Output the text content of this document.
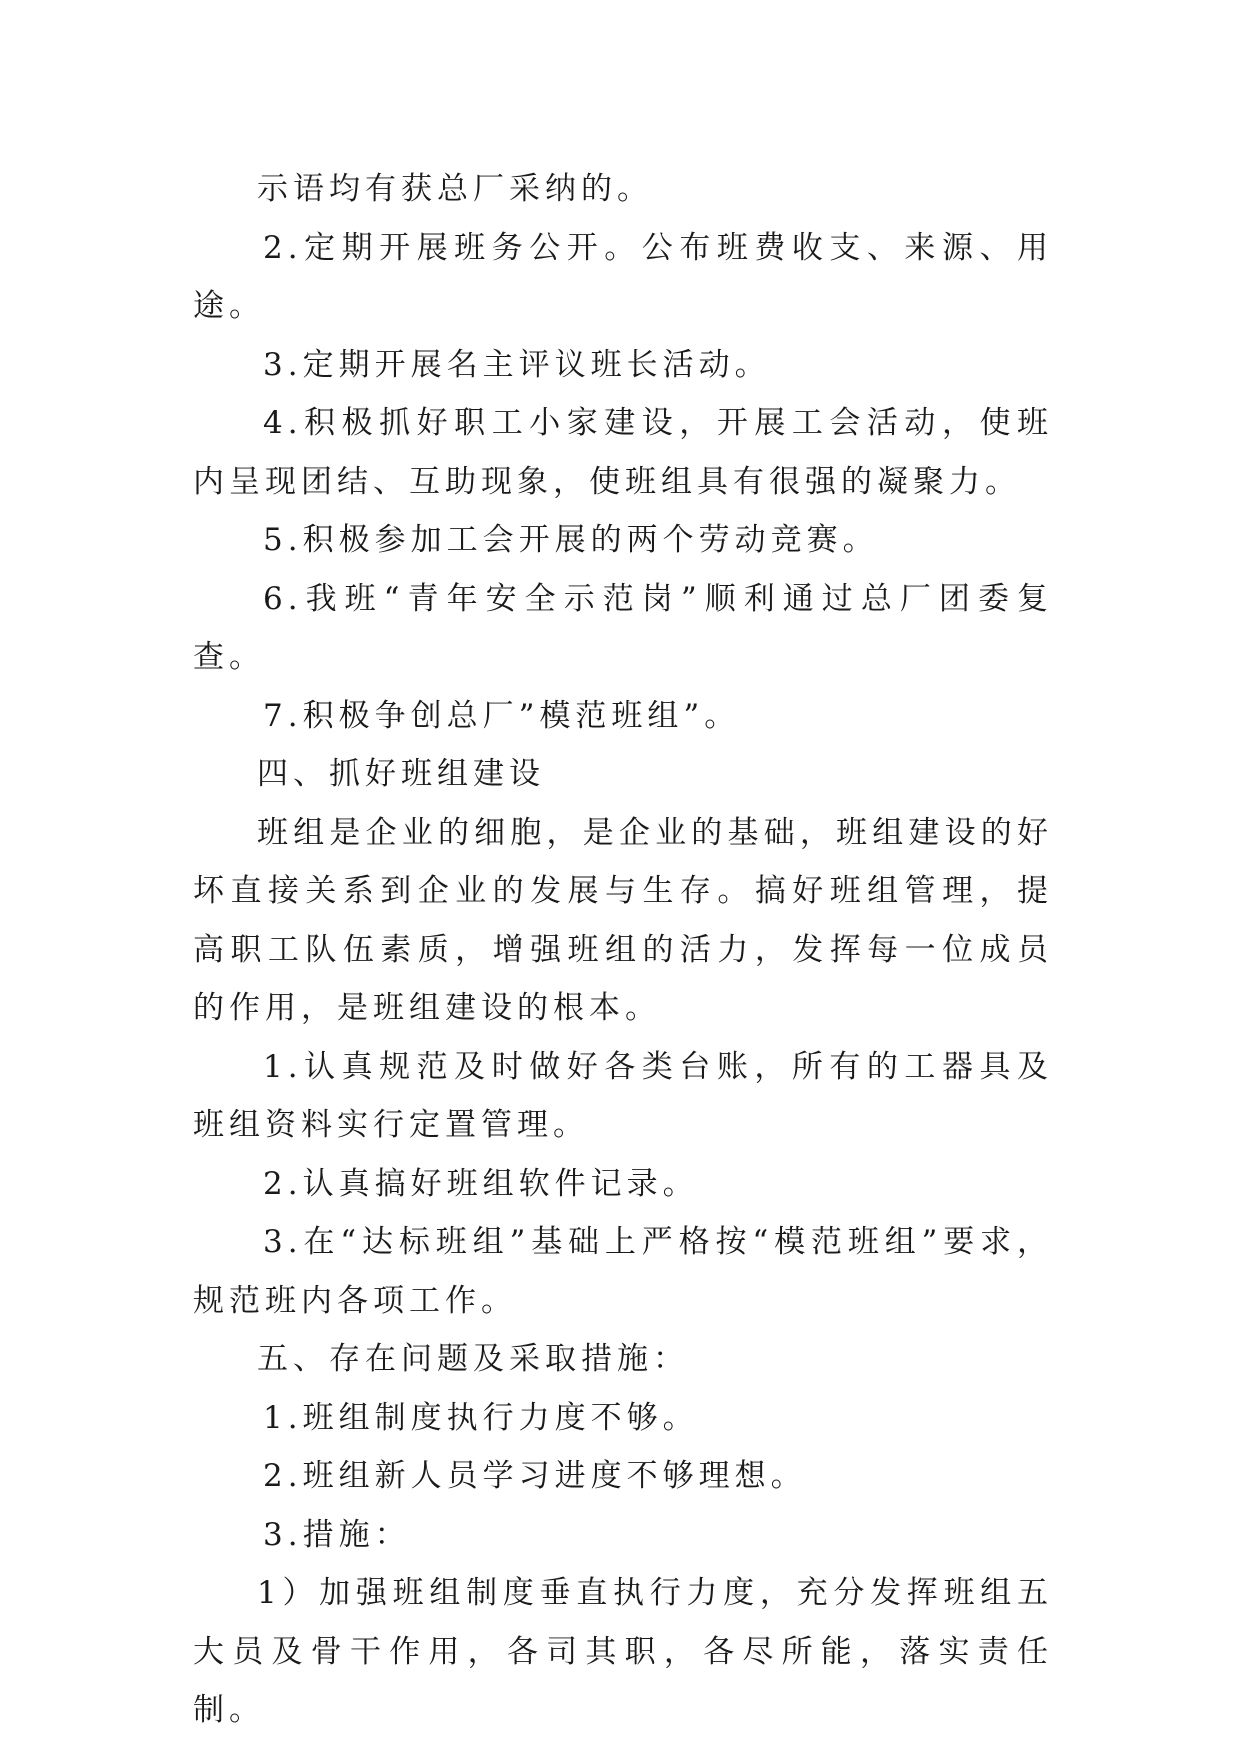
示语均有获总厂采纳的。

2.定期开展班务公开。公布班费收支、来源、用途。

3.定期开展名主评议班长活动。

4.积极抓好职工小家建设，开展工会活动，使班内呈现团结、互助现象，使班组具有很强的凝聚力。

5.积极参加工会开展的两个劳动竞赛。

6.我班“青年安全示范岗”顺利通过总厂团委复查。

7.积极争创总厂”模范班组”。

四、抓好班组建设

班组是企业的细胞，是企业的基础，班组建设的好坏直接关系到企业的发展与生存。搞好班组管理，提高职工队伍素质，增强班组的活力，发挥每一位成员的作用，是班组建设的根本。

1.认真规范及时做好各类台账，所有的工器具及班组资料实行定置管理。

2.认真搞好班组软件记录。

3.在“达标班组”基础上严格按“模范班组”要求，规范班内各项工作。

五、存在问题及采取措施：

1.班组制度执行力度不够。

2.班组新人员学习进度不够理想。

3.措施：

1）加强班组制度垂直执行力度，充分发挥班组五大员及骨干作用，各司其职，各尽所能，落实责任制。
